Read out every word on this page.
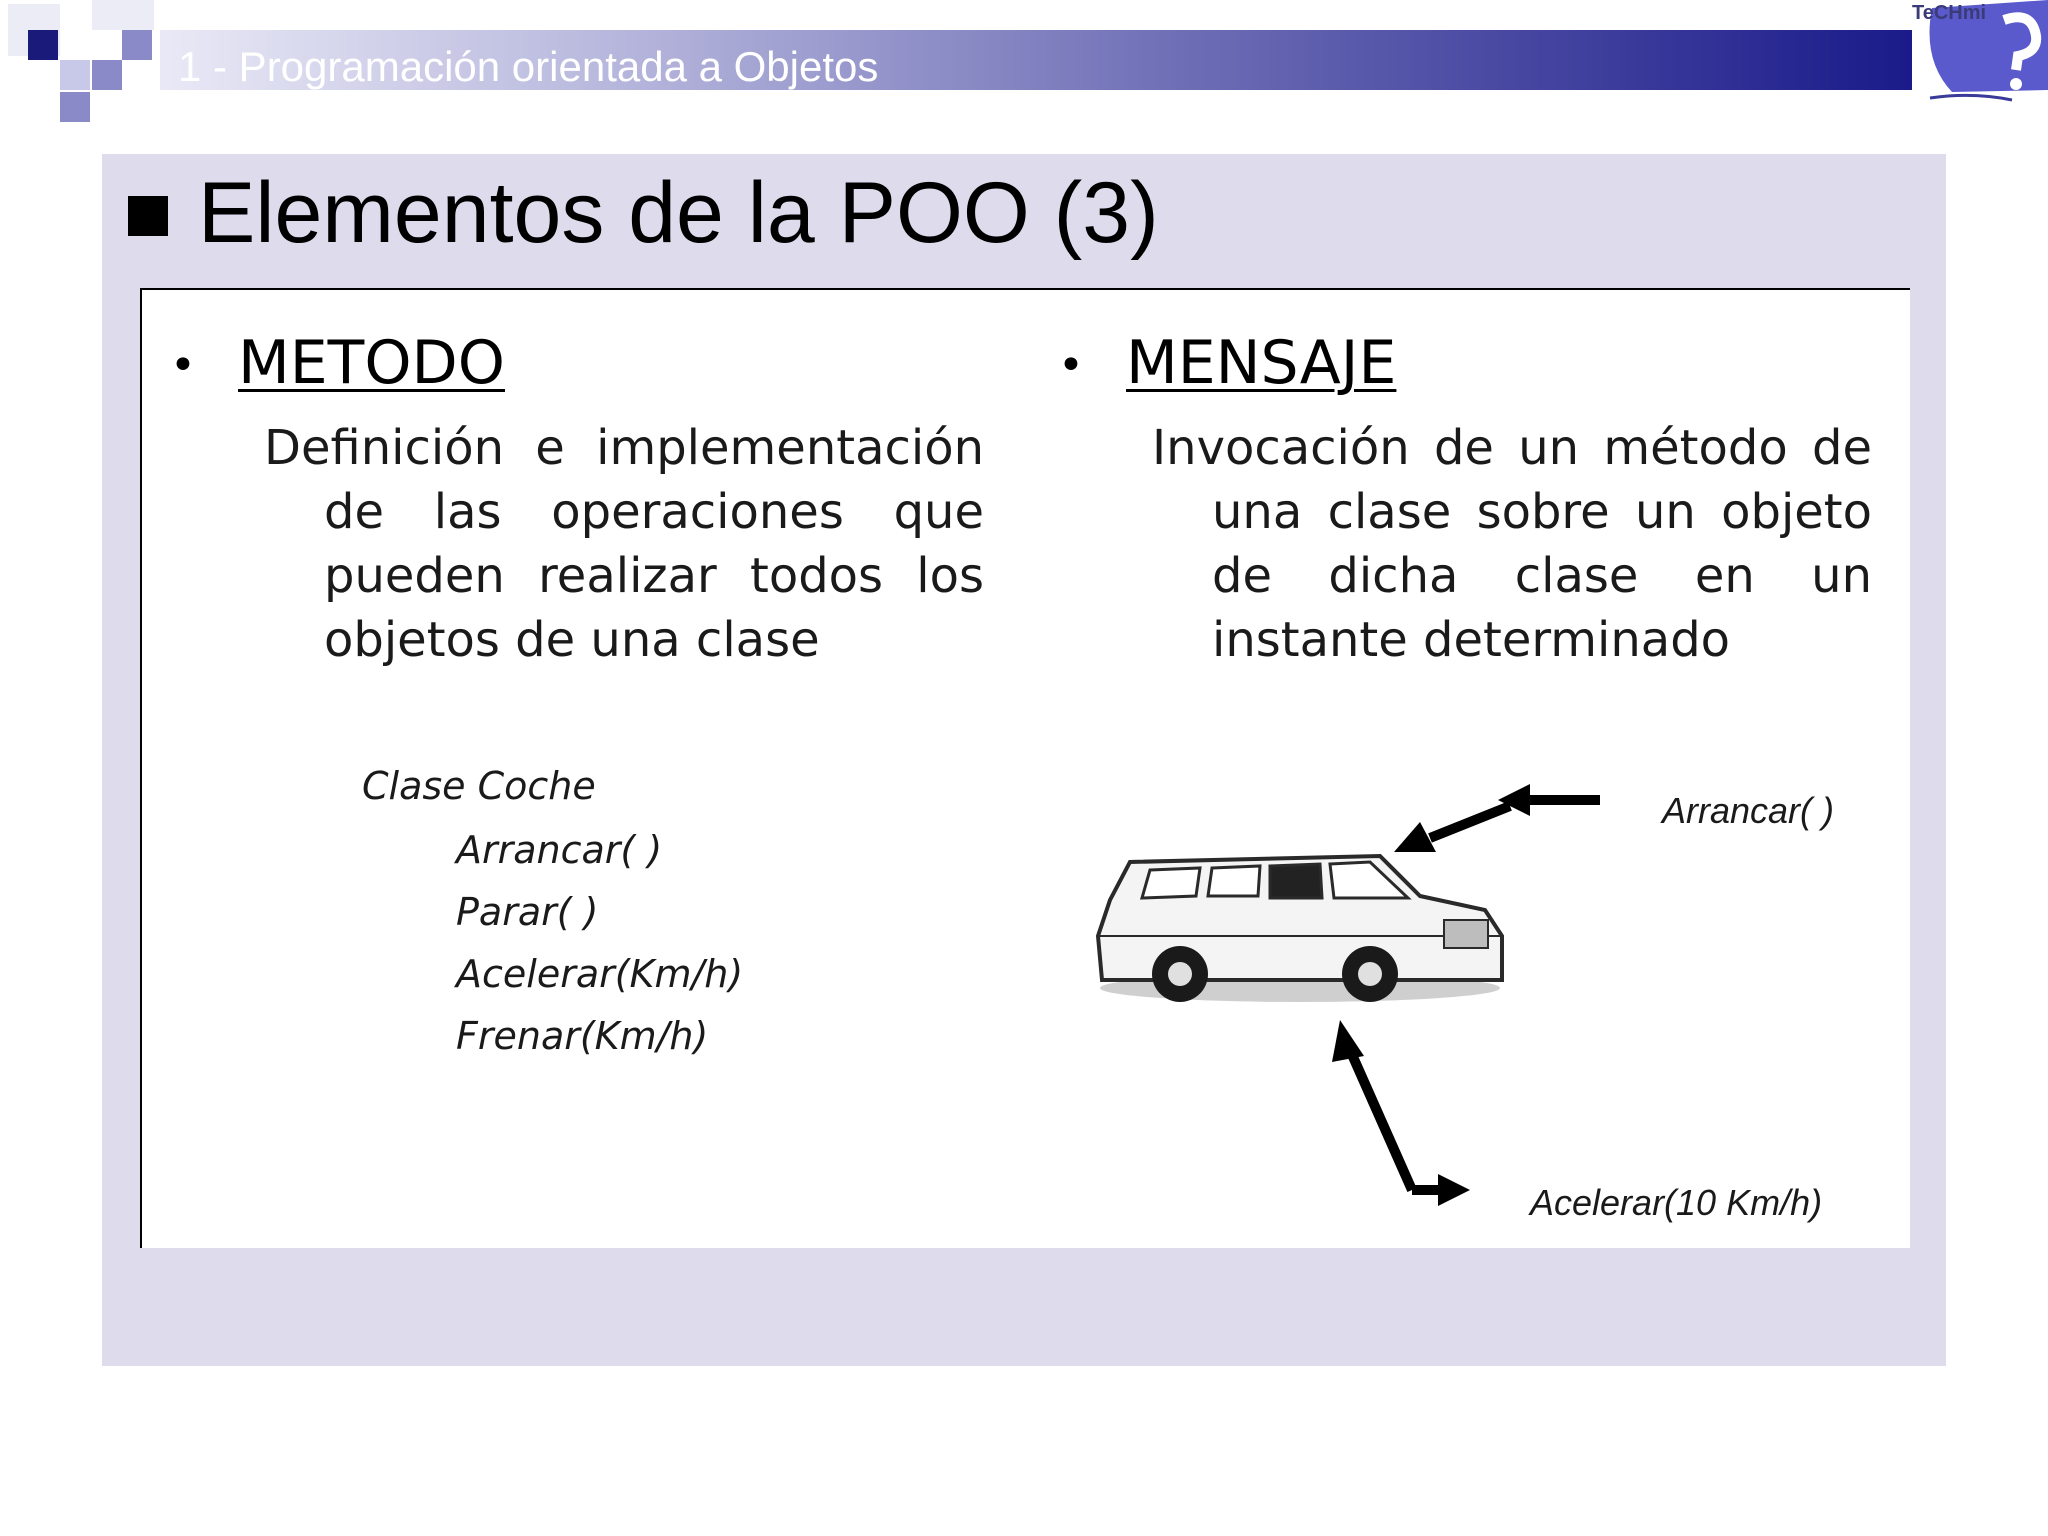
1 - Programación orientada a Objetos
TeCHmi
Elementos de la POO (3)
• METODO
Definición e implementación
de las operaciones que
pueden realizar todos los
objetos de una clase
Clase Coche
Arrancar( )
Parar( )
Acelerar(Km/h)
Frenar(Km/h)
• MENSAJE
Invocación de un método de
una clase sobre un objeto
de dicha clase en un
instante determinado
Arrancar( )
Acelerar(10 Km/h)
